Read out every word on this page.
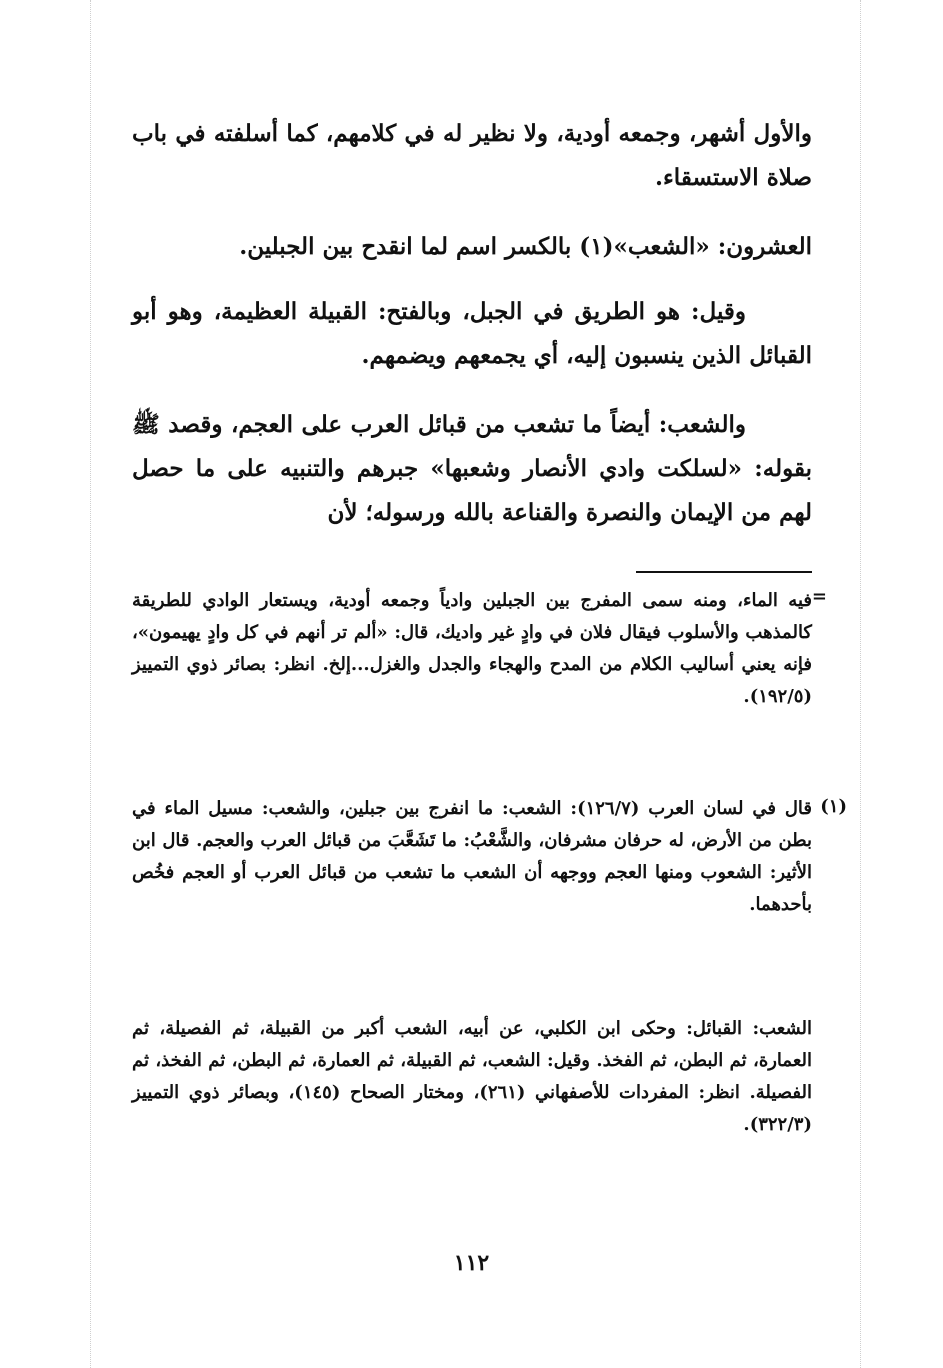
والأول أشهر، وجمعه أودية، ولا نظير له في كلامهم، كما أسلفته في باب صلاة الاستسقاء.

العشرون: «الشعب»(١) بالكسر اسم لما انقدح بين الجبلين.

وقيل: هو الطريق في الجبل، وبالفتح: القبيلة العظيمة، وهو أبو القبائل الذين ينسبون إليه، أي يجمعهم ويضمهم.

والشعب: أيضاً ما تشعب من قبائل العرب على العجم، وقصد ﷺ بقوله: «لسلكت وادي الأنصار وشعبها» جبرهم والتنبيه على ما حصل لهم من الإيمان والنصرة والقناعة بالله ورسوله؛ لأن

=

فيه الماء، ومنه سمى المفرج بين الجبلين وادياً وجمعه أودية، ويستعار الوادي للطريقة كالمذهب والأسلوب فيقال فلان في وادٍ غير واديك، قال: «ألم تر أنهم في كل وادٍ يهيمون»، فإنه يعني أساليب الكلام من المدح والهجاء والجدل والغزل...إلخ. انظر: بصائر ذوي التمييز (١٩٢/٥).

(١)

قال في لسان العرب (١٢٦/٧): الشعب: ما انفرج بين جبلين، والشعب: مسيل الماء في بطن من الأرض، له حرفان مشرفان، والشَّعْبُ: ما تَشَعَّبَ من قبائل العرب والعجم. قال ابن الأثير: الشعوب ومنها العجم ووجهه أن الشعب ما تشعب من قبائل العرب أو العجم فخُص بأحدهما.

الشعب: القبائل: وحكى ابن الكلبي، عن أبيه، الشعب أكبر من القبيلة، ثم الفصيلة، ثم العمارة، ثم البطن، ثم الفخذ. وقيل: الشعب، ثم القبيلة، ثم العمارة، ثم البطن، ثم الفخذ، ثم الفصيلة. انظر: المفردات للأصفهاني (٢٦١)، ومختار الصحاح (١٤٥)، وبصائر ذوي التمييز (٣٢٢/٣).

١١٢
